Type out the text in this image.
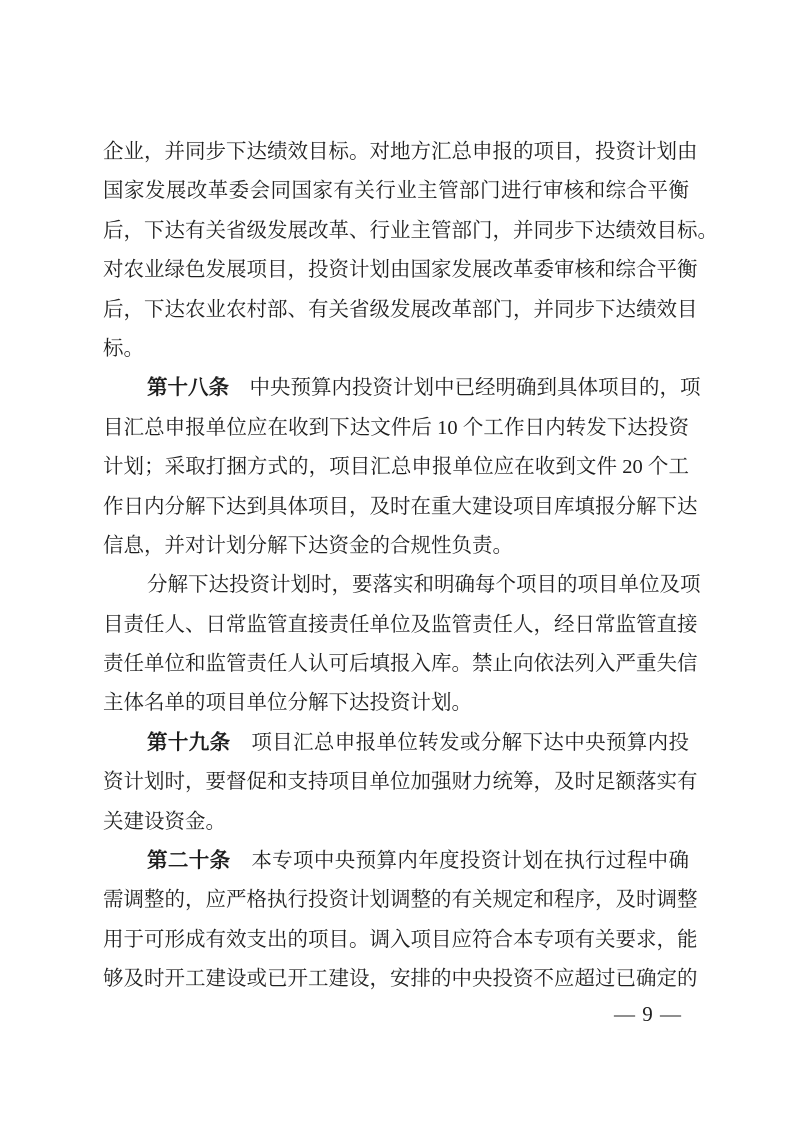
企业，并同步下达绩效目标。对地方汇总申报的项目，投资计划由
国家发展改革委会同国家有关行业主管部门进行审核和综合平衡
后，下达有关省级发展改革、行业主管部门，并同步下达绩效目标。
对农业绿色发展项目，投资计划由国家发展改革委审核和综合平衡
后，下达农业农村部、有关省级发展改革部门，并同步下达绩效目
标。
第十八条　中央预算内投资计划中已经明确到具体项目的，项
目汇总申报单位应在收到下达文件后 10 个工作日内转发下达投资
计划；采取打捆方式的，项目汇总申报单位应在收到文件 20 个工
作日内分解下达到具体项目，及时在重大建设项目库填报分解下达
信息，并对计划分解下达资金的合规性负责。
分解下达投资计划时，要落实和明确每个项目的项目单位及项
目责任人、日常监管直接责任单位及监管责任人，经日常监管直接
责任单位和监管责任人认可后填报入库。禁止向依法列入严重失信
主体名单的项目单位分解下达投资计划。
第十九条　项目汇总申报单位转发或分解下达中央预算内投
资计划时，要督促和支持项目单位加强财力统筹，及时足额落实有
关建设资金。
第二十条　本专项中央预算内年度投资计划在执行过程中确
需调整的，应严格执行投资计划调整的有关规定和程序，及时调整
用于可形成有效支出的项目。调入项目应符合本专项有关要求，能
够及时开工建设或已开工建设，安排的中央投资不应超过已确定的
— 9 —
